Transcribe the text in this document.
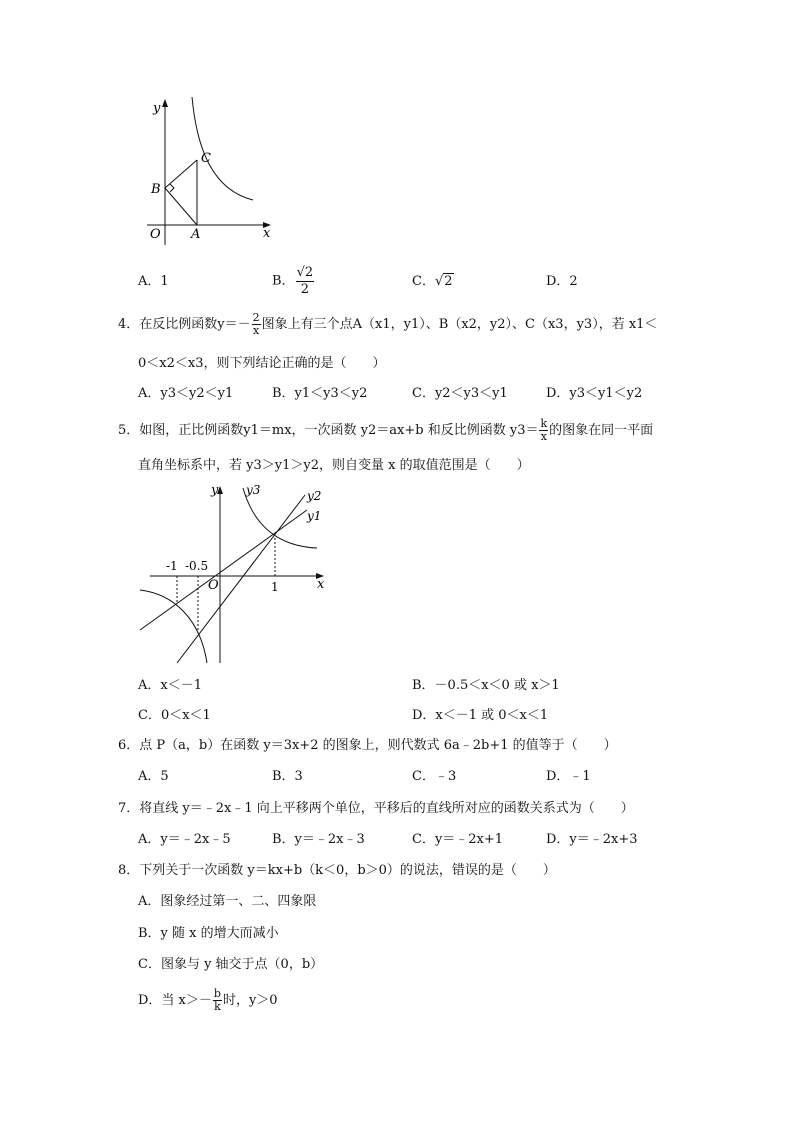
y
x
O A
B
C
A．1	B． $\frac{√2}{2}$	C．√2	D．2
4．在反比例函数$y=- \frac{2}{x}$ 图象上有三个点A（x1，y1）、B（x2，y2）、C（x3，y3），若 x1＜
0＜x2＜x3，则下列结论正确的是（　　）
A．y3＜y2＜y1	B．y1＜y3＜y2	C．y2＜y3＜y1	D．y3＜y1＜y2
5．如图，正比例函数y1＝mx，一次函数 y2＝ax+b 和反比例函数 $y3= \frac{k}{x}$ 的图象在同一平面
直角坐标系中，若 y3＞y1＞y2，则自变量 x 的取值范围是（　　）
y
x
O
y3	y2
y1
-1 -0.5
1
A．x＜－1	B．－0.5＜x＜0 或 x＞1
C．0＜x＜1	D．x＜－1 或 0＜x＜1
6．点 P（a，b）在函数 y＝3x+2 的图象上，则代数式 6a﹣2b+1 的值等于（　　）
A．5	B．3	C．﹣3	D．﹣1
7．将直线 y＝﹣2x﹣1 向上平移两个单位，平移后的直线所对应的函数关系式为（　　）
A．y＝﹣2x﹣5	B．y＝﹣2x﹣3	C．y＝﹣2x+1	D．y＝﹣2x+3
8．下列关于一次函数 y＝kx+b（k＜0，b＞0）的说法，错误的是（　　）
A．图象经过第一、二、四象限
B．y 随 x 的增大而减小
C．图象与 y 轴交于点（0，b）
D．当 $x>- \frac{b}{k}$ 时，y＞0
